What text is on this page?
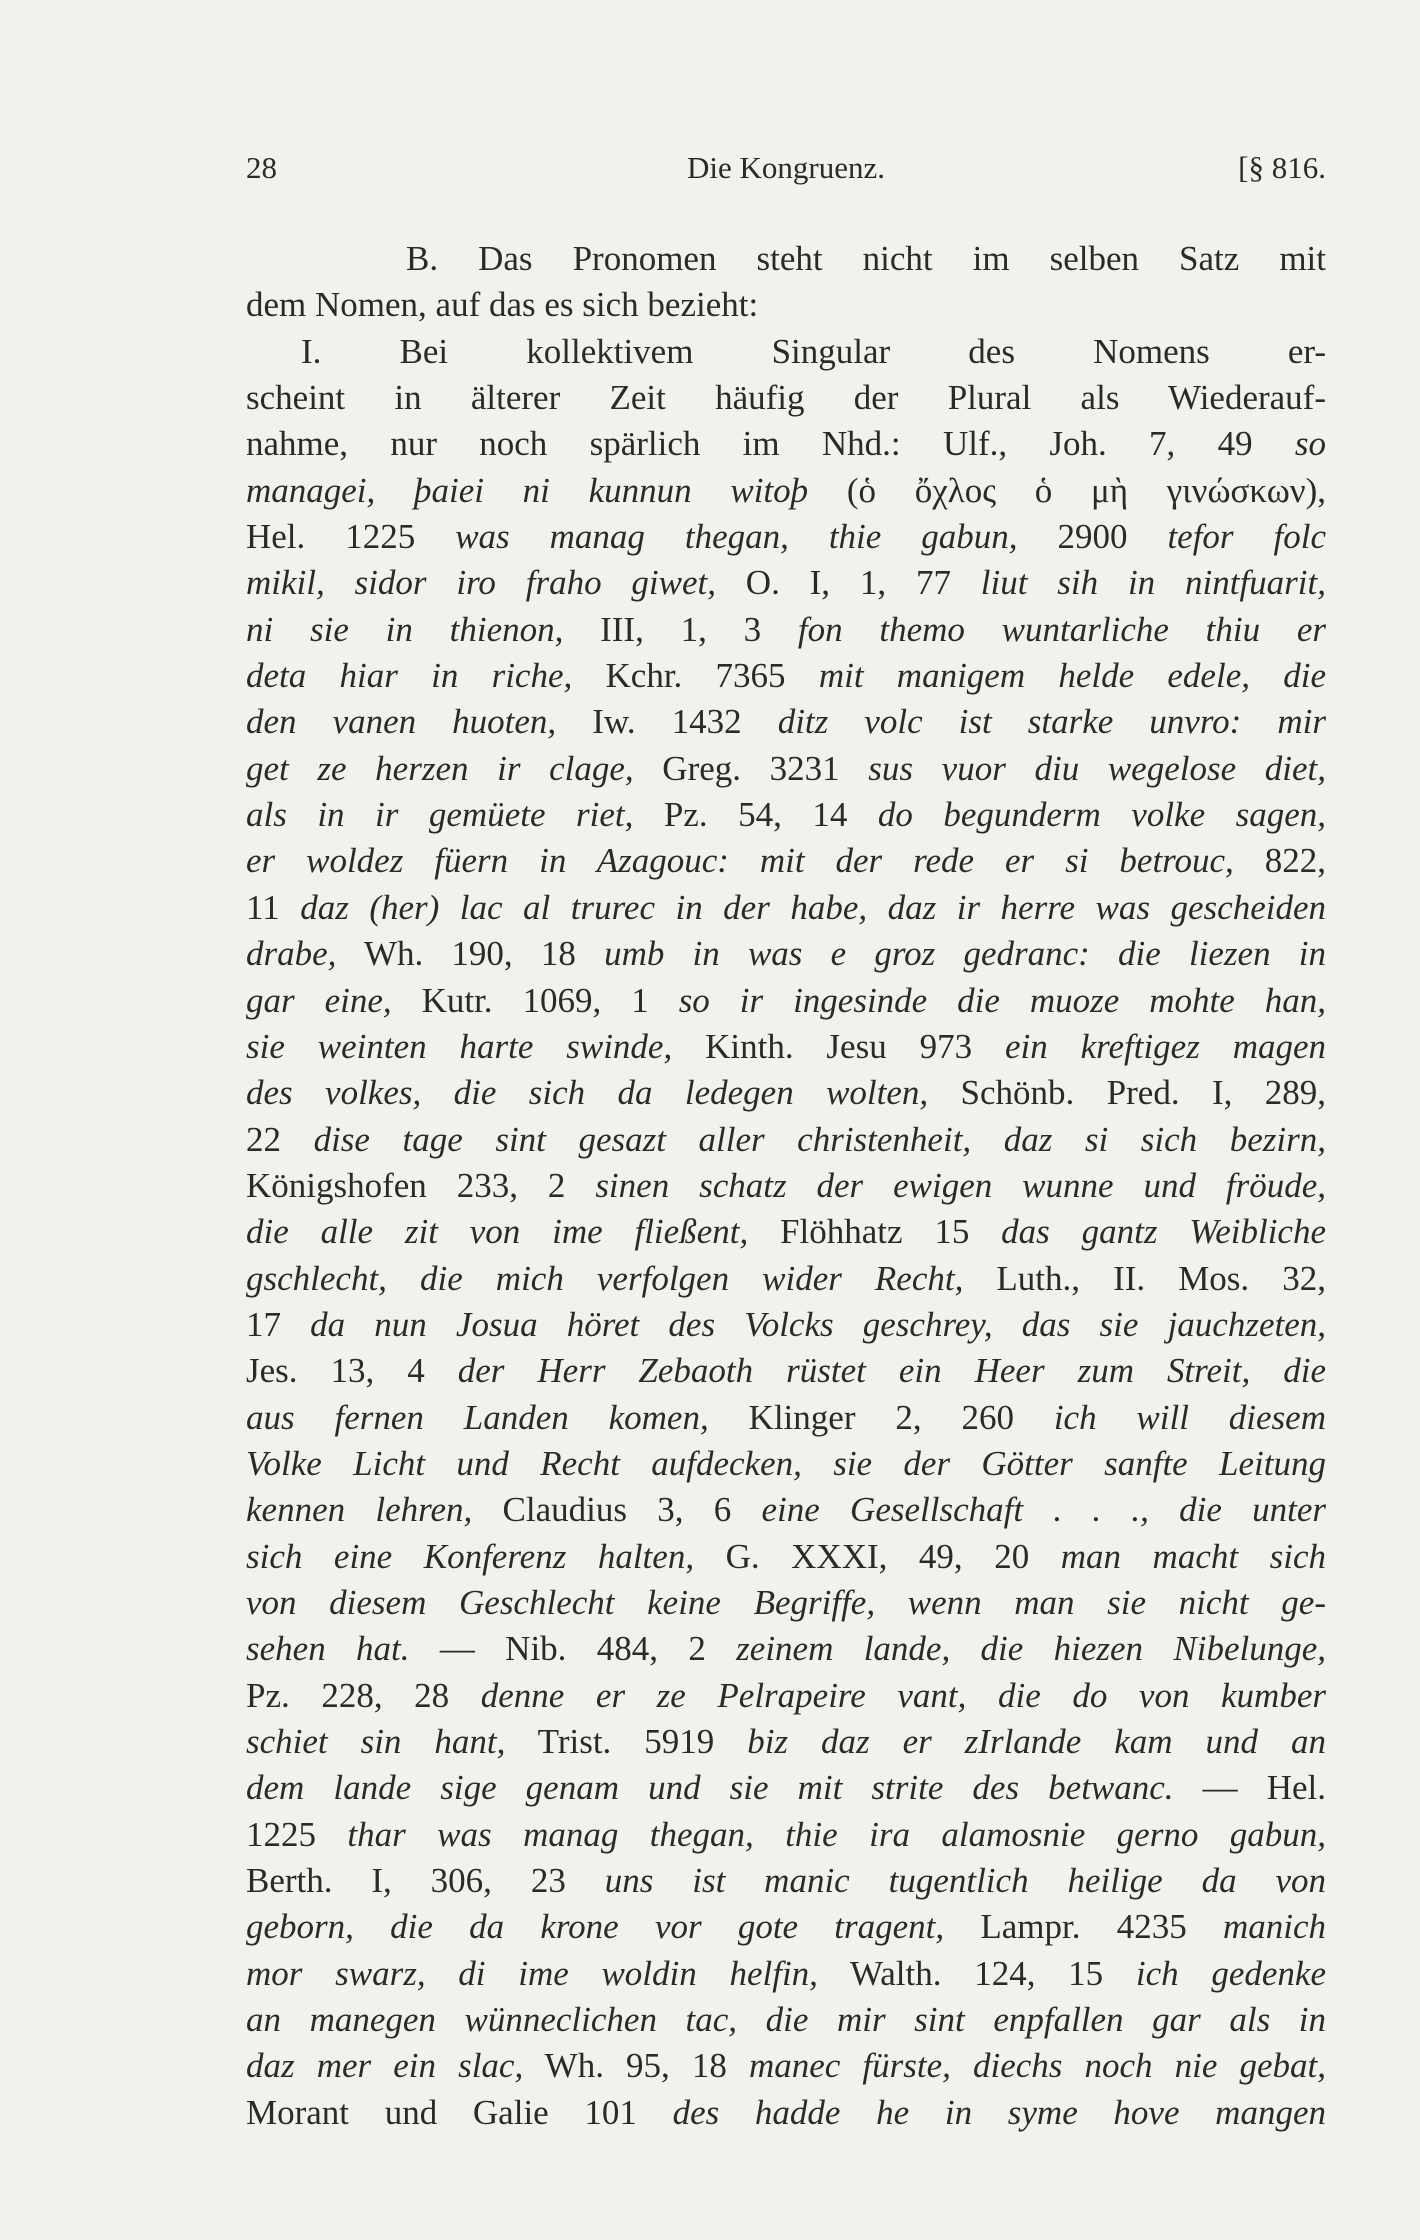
28	Die Kongruenz.	[§ 816.
B. Das Pronomen steht nicht im selben Satz mit
dem Nomen, auf das es sich bezieht:
I. Bei kollektivem Singular des Nomens er-
scheint in älterer Zeit häufig der Plural als Wiederauf-
nahme, nur noch spärlich im Nhd.: Ulf., Joh. 7, 49 so
managei, þaiei ni kunnun witoþ (ὁ ὄχλος ὁ μὴ γινώσκων),
Hel. 1225 was manag thegan, thie gabun, 2900 tefor folc
mikil, sidor iro fraho giwet, O. I, 1, 77 liut sih in nintfuarit,
ni sie in thienon, III, 1, 3 fon themo wuntarliche thiu er
deta hiar in riche, Kchr. 7365 mit manigem helde edele, die
den vanen huoten, Iw. 1432 ditz volc ist starke unvro: mir
get ze herzen ir clage, Greg. 3231 sus vuor diu wegelose diet,
als in ir gemüete riet, Pz. 54, 14 do begunderm volke sagen,
er woldez füern in Azagouc: mit der rede er si betrouc, 822,
11 daz (her) lac al trurec in der habe, daz ir herre was gescheiden
drabe, Wh. 190, 18 umb in was e groz gedranc: die liezen in
gar eine, Kutr. 1069, 1 so ir ingesinde die muoze mohte han,
sie weinten harte swinde, Kinth. Jesu 973 ein kreftigez magen
des volkes, die sich da ledegen wolten, Schönb. Pred. I, 289,
22 dise tage sint gesazt aller christenheit, daz si sich bezirn,
Königshofen 233, 2 sinen schatz der ewigen wunne und fröude,
die alle zit von ime fließent, Flöhhatz 15 das gantz Weibliche
gschlecht, die mich verfolgen wider Recht, Luth., II. Mos. 32,
17 da nun Josua höret des Volcks geschrey, das sie jauchzeten,
Jes. 13, 4 der Herr Zebaoth rüstet ein Heer zum Streit, die
aus fernen Landen komen, Klinger 2, 260 ich will diesem
Volke Licht und Recht aufdecken, sie der Götter sanfte Leitung
kennen lehren, Claudius 3, 6 eine Gesellschaft . . ., die unter
sich eine Konferenz halten, G. XXXI, 49, 20 man macht sich
von diesem Geschlecht keine Begriffe, wenn man sie nicht ge-
sehen hat. — Nib. 484, 2 zeinem lande, die hiezen Nibelunge,
Pz. 228, 28 denne er ze Pelrapeire vant, die do von kumber
schiet sin hant, Trist. 5919 biz daz er zIrlande kam und an
dem lande sige genam und sie mit strite des betwanc. — Hel.
1225 thar was manag thegan, thie ira alamosnie gerno gabun,
Berth. I, 306, 23 uns ist manic tugentlich heilige da von
geborn, die da krone vor gote tragent, Lampr. 4235 manich
mor swarz, di ime woldin helfin, Walth. 124, 15 ich gedenke
an manegen wünneclichen tac, die mir sint enpfallen gar als in
daz mer ein slac, Wh. 95, 18 manec fürste, diechs noch nie gebat,
Morant und Galie 101 des hadde he in syme hove mangen
